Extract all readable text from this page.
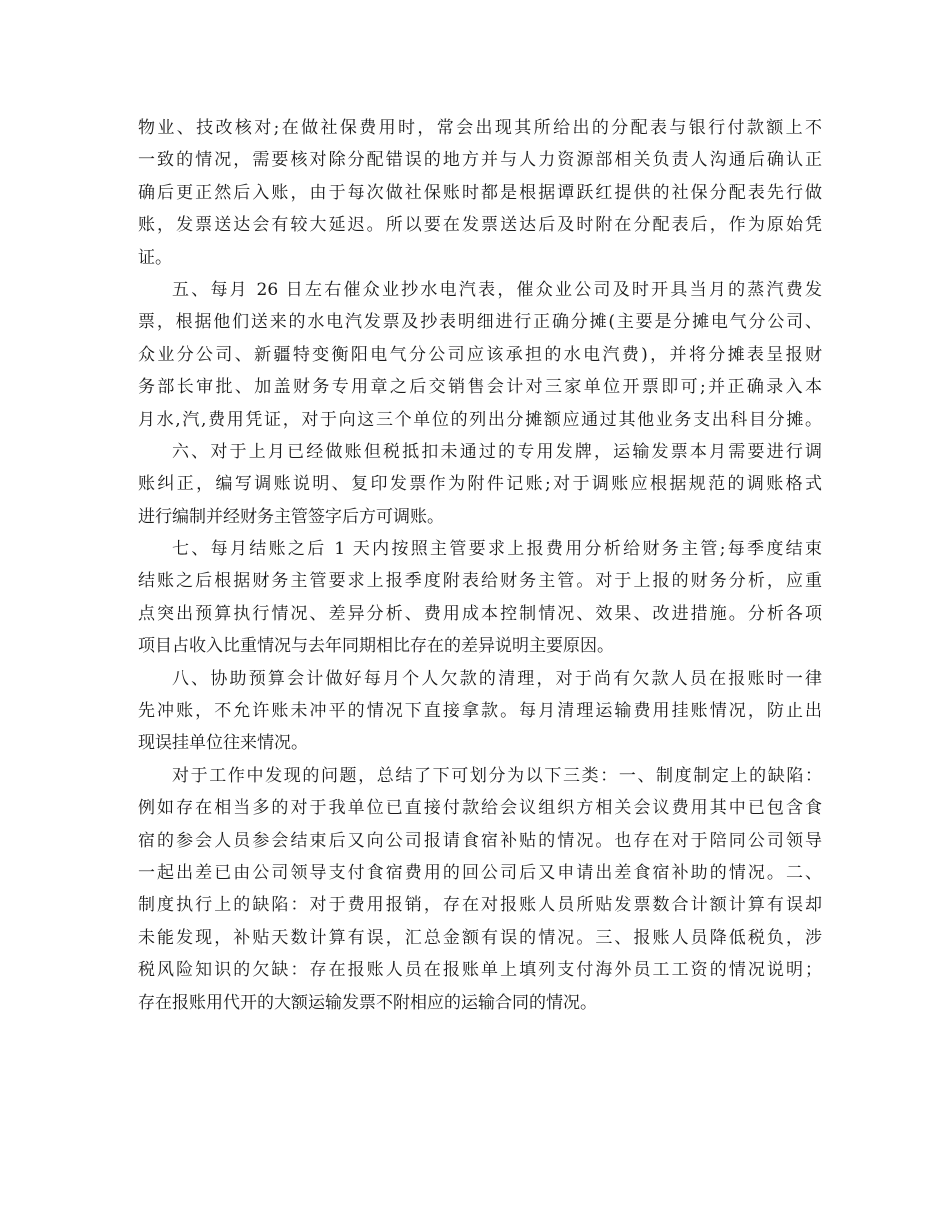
物业、技改核对;在做社保费用时，常会出现其所给出的分配表与银行付款额上不
一致的情况，需要核对除分配错误的地方并与人力资源部相关负责人沟通后确认正
确后更正然后入账，由于每次做社保账时都是根据谭跃红提供的社保分配表先行做
账，发票送达会有较大延迟。所以要在发票送达后及时附在分配表后，作为原始凭
证。
五、每月 26 日左右催众业抄水电汽表，催众业公司及时开具当月的蒸汽费发
票，根据他们送来的水电汽发票及抄表明细进行正确分摊(主要是分摊电气分公司、
众业分公司、新疆特变衡阳电气分公司应该承担的水电汽费)，并将分摊表呈报财
务部长审批、加盖财务专用章之后交销售会计对三家单位开票即可;并正确录入本
月水,汽,费用凭证，对于向这三个单位的列出分摊额应通过其他业务支出科目分摊。
六、对于上月已经做账但税抵扣未通过的专用发牌，运输发票本月需要进行调
账纠正，编写调账说明、复印发票作为附件记账;对于调账应根据规范的调账格式
进行编制并经财务主管签字后方可调账。
七、每月结账之后 1 天内按照主管要求上报费用分析给财务主管;每季度结束
结账之后根据财务主管要求上报季度附表给财务主管。对于上报的财务分析，应重
点突出预算执行情况、差异分析、费用成本控制情况、效果、改进措施。分析各项
项目占收入比重情况与去年同期相比存在的差异说明主要原因。
八、协助预算会计做好每月个人欠款的清理，对于尚有欠款人员在报账时一律
先冲账，不允许账未冲平的情况下直接拿款。每月清理运输费用挂账情况，防止出
现误挂单位往来情况。
对于工作中发现的问题，总结了下可划分为以下三类：一、制度制定上的缺陷：
例如存在相当多的对于我单位已直接付款给会议组织方相关会议费用其中已包含食
宿的参会人员参会结束后又向公司报请食宿补贴的情况。也存在对于陪同公司领导
一起出差已由公司领导支付食宿费用的回公司后又申请出差食宿补助的情况。二、
制度执行上的缺陷：对于费用报销，存在对报账人员所贴发票数合计额计算有误却
未能发现，补贴天数计算有误，汇总金额有误的情况。三、报账人员降低税负，涉
税风险知识的欠缺：存在报账人员在报账单上填列支付海外员工工资的情况说明；
存在报账用代开的大额运输发票不附相应的运输合同的情况。
